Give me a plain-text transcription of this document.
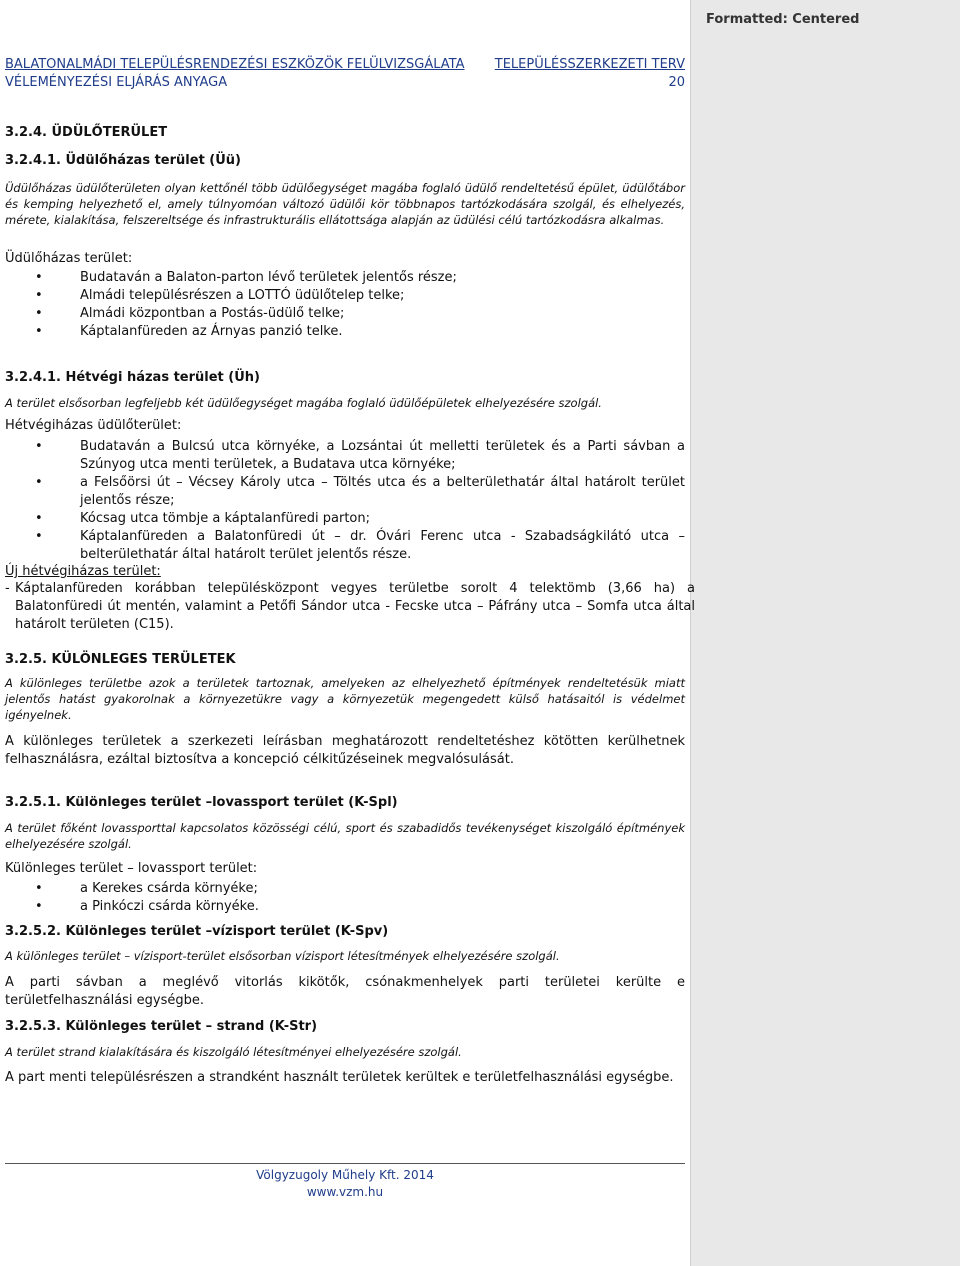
Formatted: Centered
BALATONALMÁDI TELEPÜLÉSRENDEZÉSI ESZKÖZÖK FELÜLVIZSGÁLATA TELEPÜLÉSSZERKEZETI TERV
VÉLEMÉNYEZÉSI ELJÁRÁS ANYAGA	20
3.2.4. ÜDÜLŐTERÜLET
3.2.4.1. Üdülőházas terület (Üü)
Üdülőházas üdülőterületen olyan kettőnél több üdülőegységet magába foglaló üdülő rendeltetésű épület, üdülőtábor és kemping helyezhető el, amely túlnyomóan változó üdülői kör többnapos tartózkodására szolgál, és elhelyezés, mérete, kialakítása, felszereltsége és infrastrukturális ellátottsága alapján az üdülési célú tartózkodásra alkalmas.
Üdülőházas terület:
•	Budataván a Balaton-parton lévő területek jelentős része;
•	Almádi településrészen a LOTTÓ üdülőtelep telke;
•	Almádi központban a Postás-üdülő telke;
•	Káptalanfüreden az Árnyas panzió telke.
3.2.4.1. Hétvégi házas terület (Üh)
A terület elsősorban legfeljebb két üdülőegységet magába foglaló üdülőépületek elhelyezésére szolgál.
Hétvégiházas üdülőterület:
•	Budataván a Bulcsú utca környéke, a Lozsántai út melletti területek és a Parti sávban a Szúnyog utca menti területek, a Budatava utca környéke;
•	a Felsőörsi út – Vécsey Károly utca – Töltés utca és a belterülethatár által határolt terület jelentős része;
•	Kócsag utca tömbje a káptalanfüredi parton;
•	Káptalanfüreden a Balatonfüredi út – dr. Óvári Ferenc utca - Szabadságkilátó utca – belterülethatár által határolt terület jelentős része.
Új hétvégiházas terület:
- Káptalanfüreden korábban településközpont vegyes területbe sorolt 4 telektömb (3,66 ha) a Balatonfüredi út mentén, valamint a Petőfi Sándor utca - Fecske utca – Páfrány utca – Somfa utca által határolt területen (C15).
3.2.5. KÜLÖNLEGES TERÜLETEK
A különleges területbe azok a területek tartoznak, amelyeken az elhelyezhető építmények rendeltetésük miatt jelentős hatást gyakorolnak a környezetükre vagy a környezetük megengedett külső hatásaitól is védelmet igényelnek.
A különleges területek a szerkezeti leírásban meghatározott rendeltetéshez kötötten kerülhetnek felhasználásra, ezáltal biztosítva a koncepció célkitűzéseinek megvalósulását.
3.2.5.1. Különleges terület –lovassport terület (K-Spl)
A terület főként lovassporttal kapcsolatos közösségi célú, sport és szabadidős tevékenységet kiszolgáló építmények elhelyezésére szolgál.
Különleges terület – lovassport terület:
•	a Kerekes csárda környéke;
•	a Pinkóczi csárda környéke.
3.2.5.2. Különleges terület –vízisport terület (K-Spv)
A különleges terület – vízisport-terület elsősorban vízisport létesítmények elhelyezésére szolgál.
A parti sávban a meglévő vitorlás kikötők, csónakmenhelyek parti területei kerülte e területfelhasználási egységbe.
3.2.5.3. Különleges terület – strand (K-Str)
A terület strand kialakítására és kiszolgáló létesítményei elhelyezésére szolgál.
A part menti településrészen a strandként használt területek kerültek e területfelhasználási egységbe.
Völgyzugoly Műhely Kft. 2014
www.vzm.hu
